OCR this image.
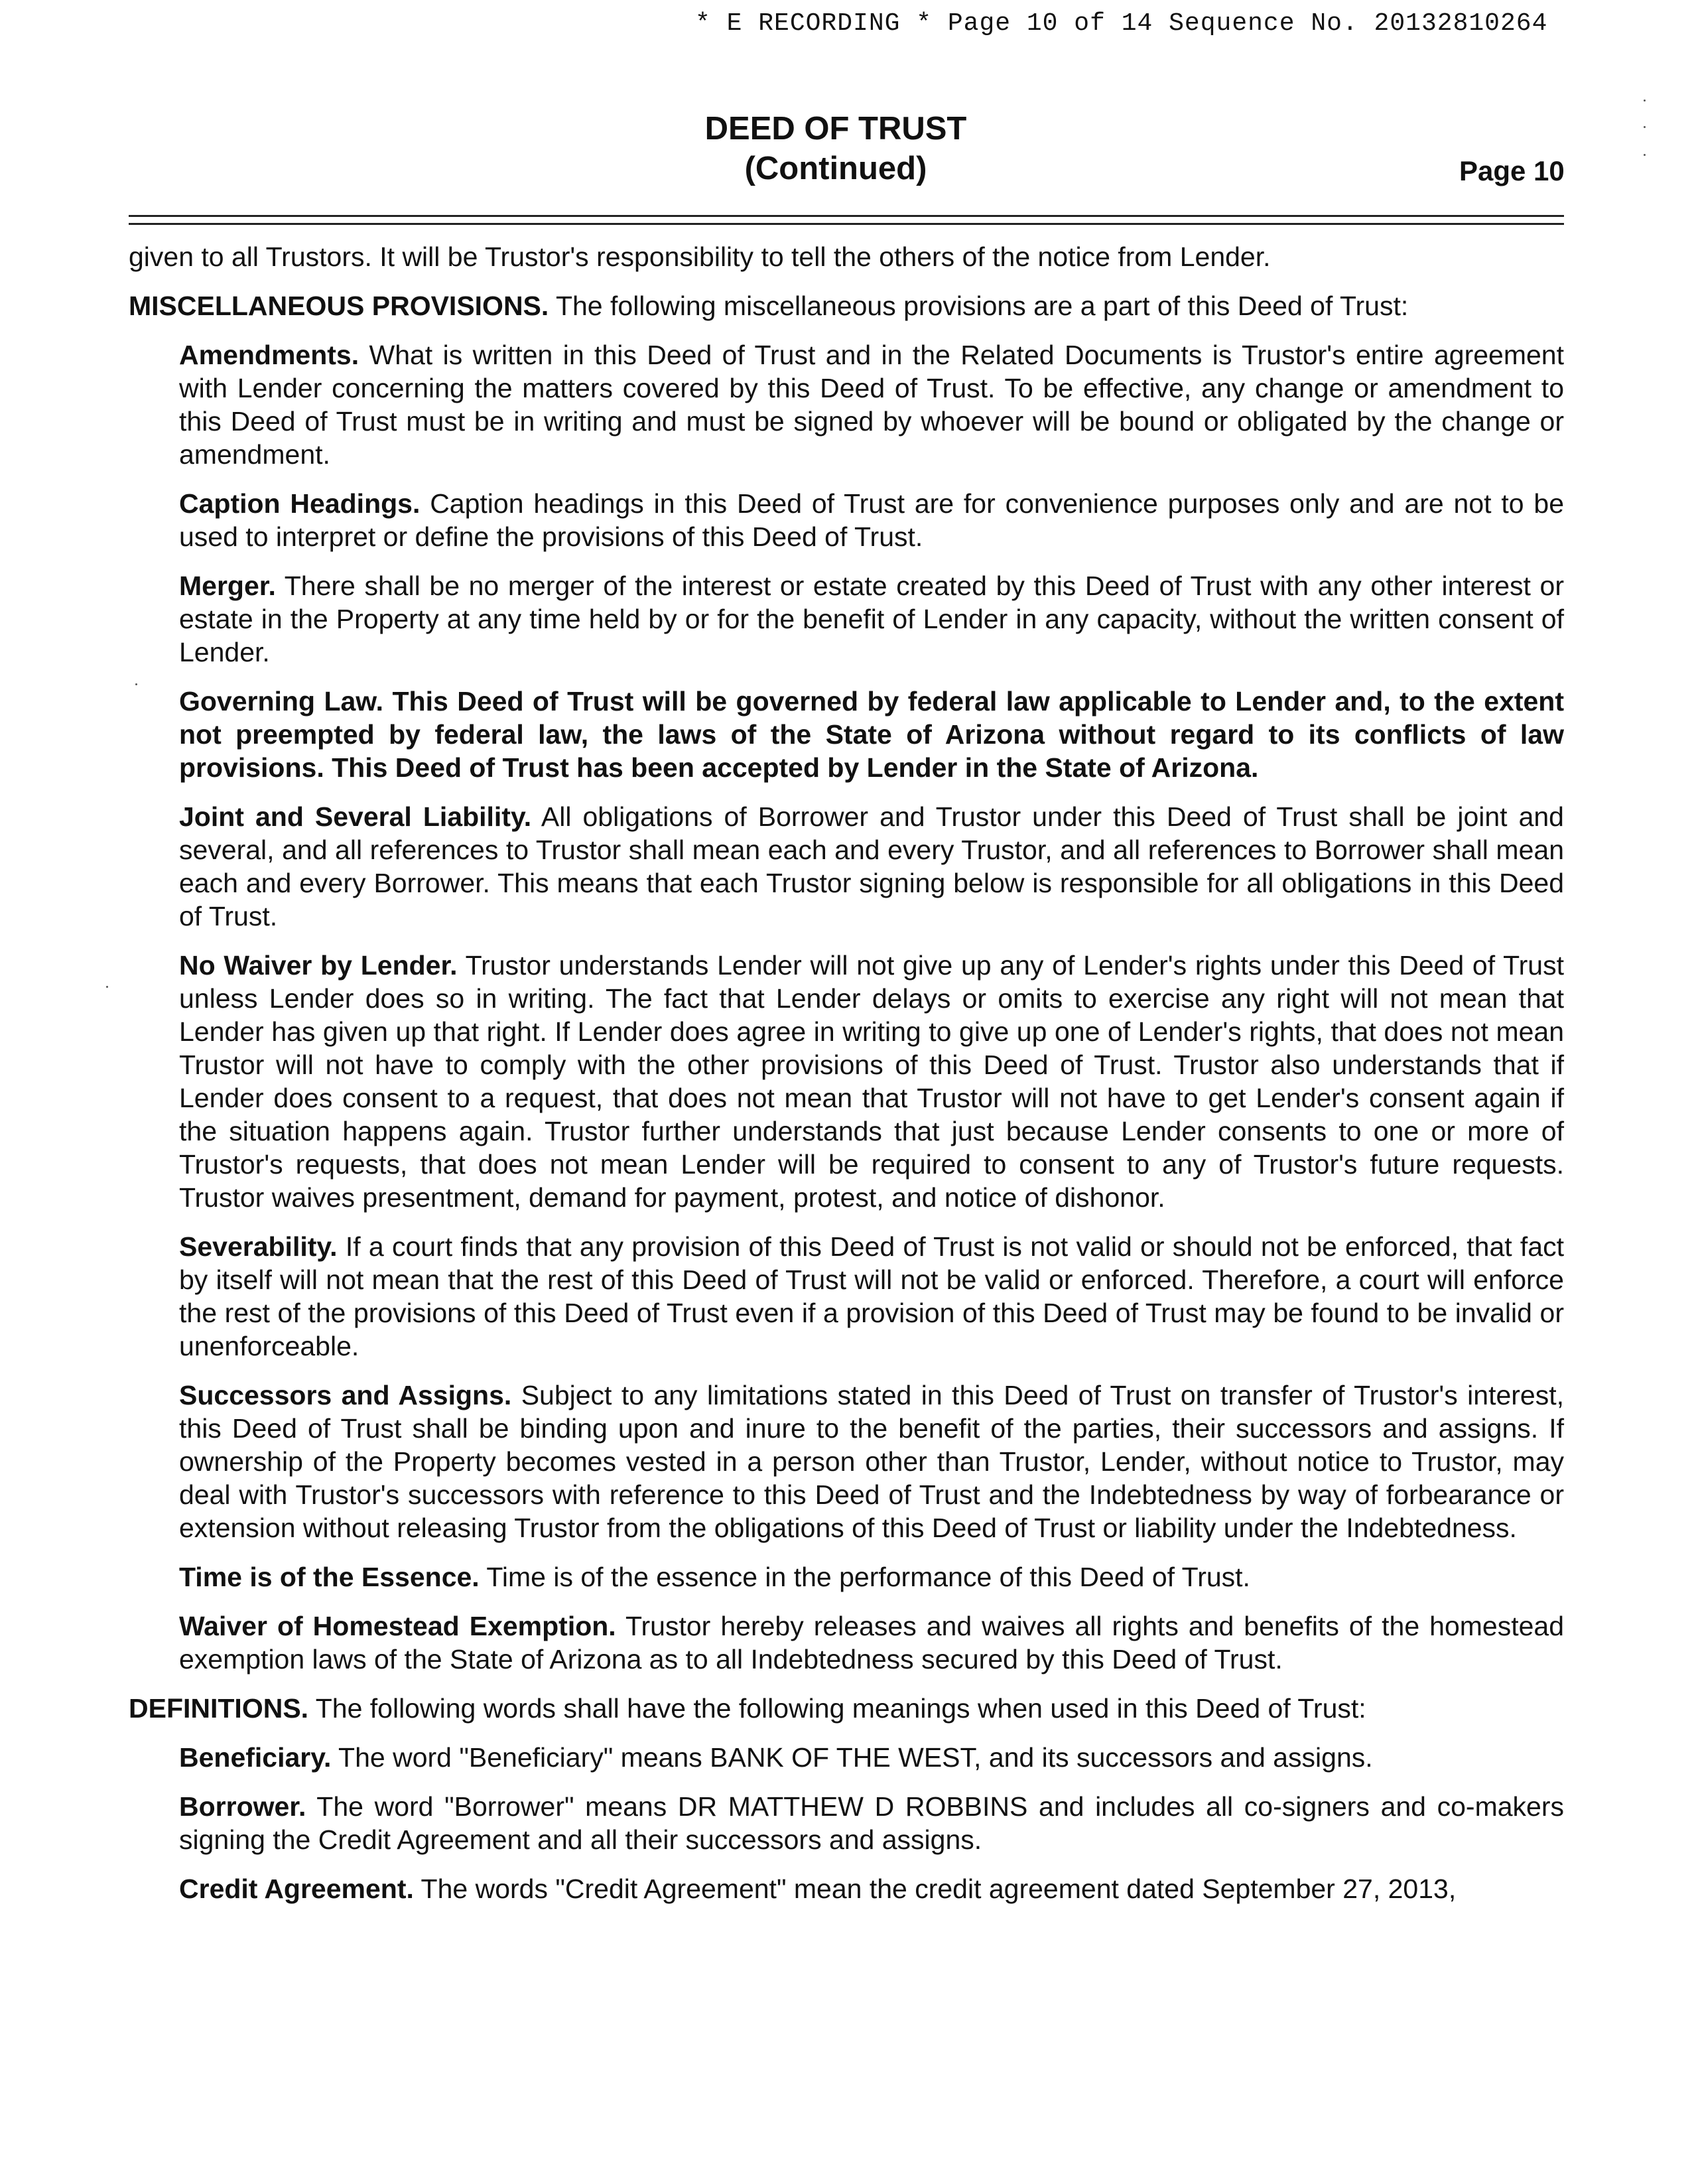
* E RECORDING * Page 10 of 14 Sequence No. 20132810264
DEED OF TRUST
(Continued)	Page 10

given to all Trustors. It will be Trustor's responsibility to tell the others of the notice from Lender.

MISCELLANEOUS PROVISIONS. The following miscellaneous provisions are a part of this Deed of Trust:

Amendments. What is written in this Deed of Trust and in the Related Documents is Trustor's entire agreement with Lender concerning the matters covered by this Deed of Trust. To be effective, any change or amendment to this Deed of Trust must be in writing and must be signed by whoever will be bound or obligated by the change or amendment.

Caption Headings. Caption headings in this Deed of Trust are for convenience purposes only and are not to be used to interpret or define the provisions of this Deed of Trust.

Merger. There shall be no merger of the interest or estate created by this Deed of Trust with any other interest or estate in the Property at any time held by or for the benefit of Lender in any capacity, without the written consent of Lender.

Governing Law. This Deed of Trust will be governed by federal law applicable to Lender and, to the extent not preempted by federal law, the laws of the State of Arizona without regard to its conflicts of law provisions. This Deed of Trust has been accepted by Lender in the State of Arizona.

Joint and Several Liability. All obligations of Borrower and Trustor under this Deed of Trust shall be joint and several, and all references to Trustor shall mean each and every Trustor, and all references to Borrower shall mean each and every Borrower. This means that each Trustor signing below is responsible for all obligations in this Deed of Trust.

No Waiver by Lender. Trustor understands Lender will not give up any of Lender's rights under this Deed of Trust unless Lender does so in writing. The fact that Lender delays or omits to exercise any right will not mean that Lender has given up that right. If Lender does agree in writing to give up one of Lender's rights, that does not mean Trustor will not have to comply with the other provisions of this Deed of Trust. Trustor also understands that if Lender does consent to a request, that does not mean that Trustor will not have to get Lender's consent again if the situation happens again. Trustor further understands that just because Lender consents to one or more of Trustor's requests, that does not mean Lender will be required to consent to any of Trustor's future requests. Trustor waives presentment, demand for payment, protest, and notice of dishonor.

Severability. If a court finds that any provision of this Deed of Trust is not valid or should not be enforced, that fact by itself will not mean that the rest of this Deed of Trust will not be valid or enforced. Therefore, a court will enforce the rest of the provisions of this Deed of Trust even if a provision of this Deed of Trust may be found to be invalid or unenforceable.

Successors and Assigns. Subject to any limitations stated in this Deed of Trust on transfer of Trustor's interest, this Deed of Trust shall be binding upon and inure to the benefit of the parties, their successors and assigns. If ownership of the Property becomes vested in a person other than Trustor, Lender, without notice to Trustor, may deal with Trustor's successors with reference to this Deed of Trust and the Indebtedness by way of forbearance or extension without releasing Trustor from the obligations of this Deed of Trust or liability under the Indebtedness.

Time is of the Essence. Time is of the essence in the performance of this Deed of Trust.

Waiver of Homestead Exemption. Trustor hereby releases and waives all rights and benefits of the homestead exemption laws of the State of Arizona as to all Indebtedness secured by this Deed of Trust.

DEFINITIONS. The following words shall have the following meanings when used in this Deed of Trust:

Beneficiary. The word "Beneficiary" means BANK OF THE WEST, and its successors and assigns.

Borrower. The word "Borrower" means DR MATTHEW D ROBBINS and includes all co-signers and co-makers signing the Credit Agreement and all their successors and assigns.

Credit Agreement. The words "Credit Agreement" mean the credit agreement dated September 27, 2013,
